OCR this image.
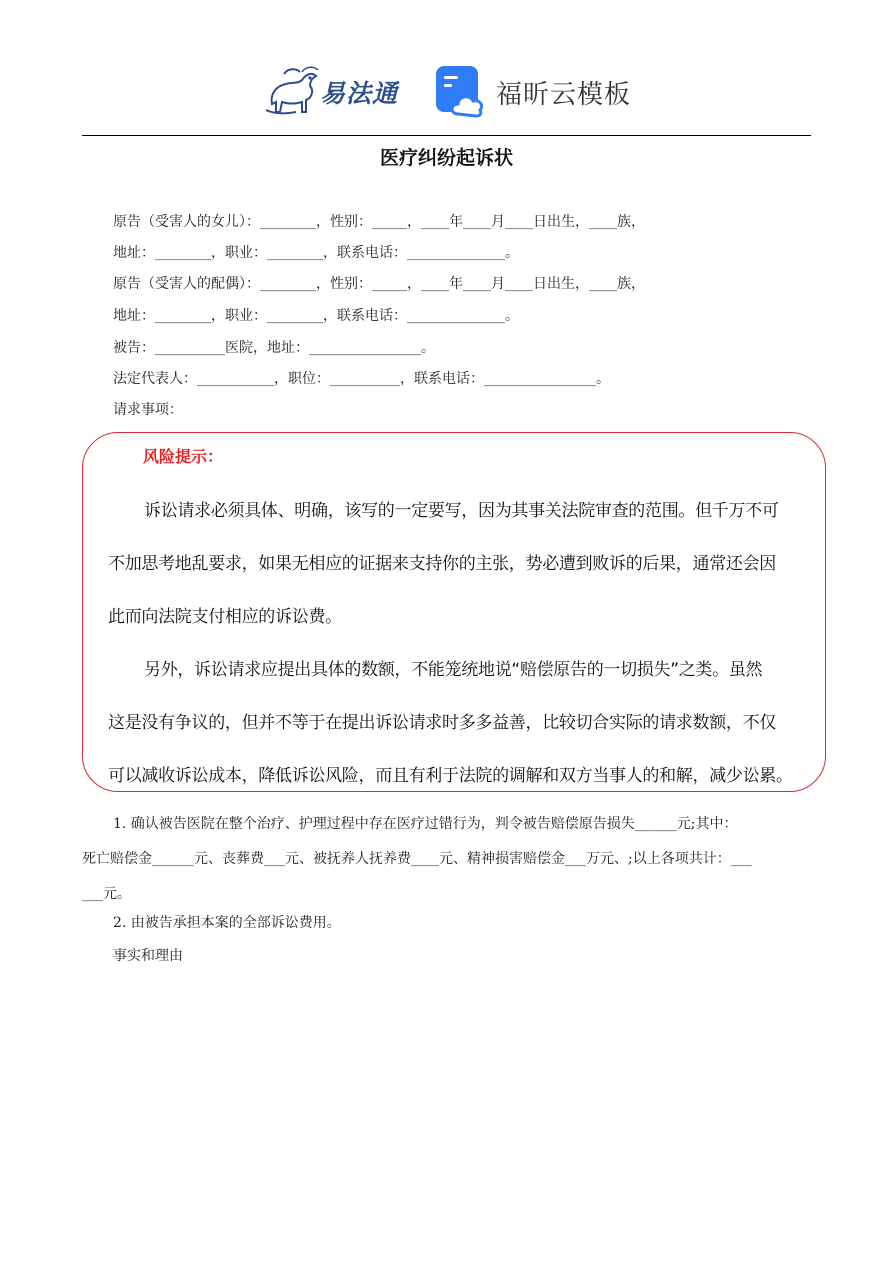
易法通	福昕云模板
医疗纠纷起诉状
原告（受害人的女儿）：________，性别：_____，____年____月____日出生，____族，
地址：________，职业：________，联系电话：______________。
原告（受害人的配偶）：________，性别：_____，____年____月____日出生，____族，
地址：________，职业：________，联系电话：______________。
被告：__________医院，地址：________________。
法定代表人：___________，职位：__________，联系电话：________________。
请求事项：
风险提示：
诉讼请求必须具体、明确，该写的一定要写，因为其事关法院审查的范围。但千万不可
不加思考地乱要求，如果无相应的证据来支持你的主张，势必遭到败诉的后果，通常还会因
此而向法院支付相应的诉讼费。
另外，诉讼请求应提出具体的数额，不能笼统地说“赔偿原告的一切损失”之类。虽然
这是没有争议的，但并不等于在提出诉讼请求时多多益善，比较切合实际的请求数额，不仅
可以减收诉讼成本，降低诉讼风险，而且有利于法院的调解和双方当事人的和解，减少讼累。
1. 确认被告医院在整个治疗、护理过程中存在医疗过错行为，判令被告赔偿原告损失______元;其中：
死亡赔偿金______元、丧葬费___元、被抚养人抚养费____元、精神损害赔偿金___万元、;以上各项共计：___
___元。
2. 由被告承担本案的全部诉讼费用。
事实和理由
